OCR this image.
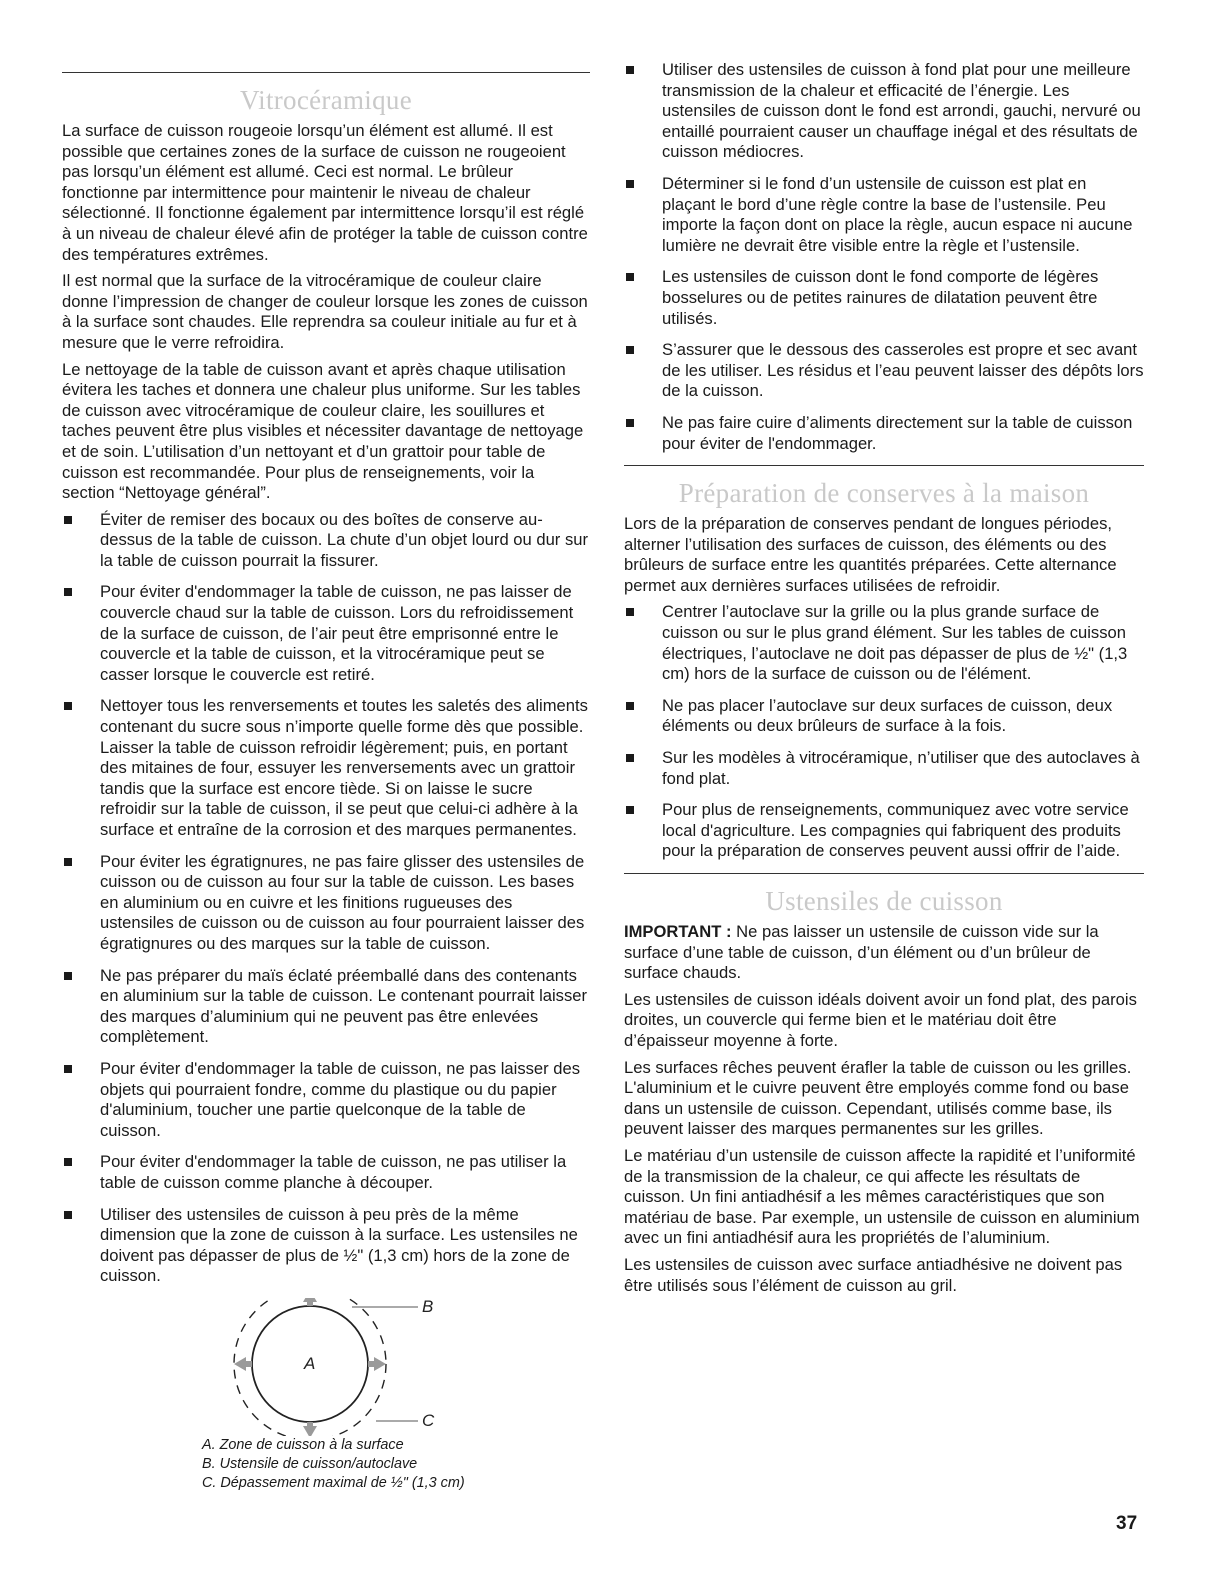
Vitrocéramique

La surface de cuisson rougeoie lorsqu’un élément est allumé. Il est possible que certaines zones de la surface de cuisson ne rougeoient pas lorsqu’un élément est allumé. Ceci est normal. Le brûleur fonctionne par intermittence pour maintenir le niveau de chaleur sélectionné. Il fonctionne également par intermittence lorsqu’il est réglé à un niveau de chaleur élevé afin de protéger la table de cuisson contre des températures extrêmes.

Il est normal que la surface de la vitrocéramique de couleur claire donne l’impression de changer de couleur lorsque les zones de cuisson à la surface sont chaudes. Elle reprendra sa couleur initiale au fur et à mesure que le verre refroidira.

Le nettoyage de la table de cuisson avant et après chaque utilisation évitera les taches et donnera une chaleur plus uniforme. Sur les tables de cuisson avec vitrocéramique de couleur claire, les souillures et taches peuvent être plus visibles et nécessiter davantage de nettoyage et de soin. L’utilisation d’un nettoyant et d’un grattoir pour table de cuisson est recommandée. Pour plus de renseignements, voir la section “Nettoyage général”.

Éviter de remiser des bocaux ou des boîtes de conserve au-dessus de la table de cuisson. La chute d’un objet lourd ou dur sur la table de cuisson pourrait la fissurer.
Pour éviter d'endommager la table de cuisson, ne pas laisser de couvercle chaud sur la table de cuisson. Lors du refroidissement de la surface de cuisson, de l’air peut être emprisonné entre le couvercle et la table de cuisson, et la vitrocéramique peut se casser lorsque le couvercle est retiré.
Nettoyer tous les renversements et toutes les saletés des aliments contenant du sucre sous n’importe quelle forme dès que possible. Laisser la table de cuisson refroidir légèrement; puis, en portant des mitaines de four, essuyer les renversements avec un grattoir tandis que la surface est encore tiède. Si on laisse le sucre refroidir sur la table de cuisson, il se peut que celui-ci adhère à la surface et entraîne de la corrosion et des marques permanentes.
Pour éviter les égratignures, ne pas faire glisser des ustensiles de cuisson ou de cuisson au four sur la table de cuisson. Les bases en aluminium ou en cuivre et les finitions rugueuses des ustensiles de cuisson ou de cuisson au four pourraient laisser des égratignures ou des marques sur la table de cuisson.
Ne pas préparer du maïs éclaté préemballé dans des contenants en aluminium sur la table de cuisson. Le contenant pourrait laisser des marques d’aluminium qui ne peuvent pas être enlevées complètement.
Pour éviter d'endommager la table de cuisson, ne pas laisser des objets qui pourraient fondre, comme du plastique ou du papier d'aluminium, toucher une partie quelconque de la table de cuisson.
Pour éviter d'endommager la table de cuisson, ne pas utiliser la table de cuisson comme planche à découper.
Utiliser des ustensiles de cuisson à peu près de la même dimension que la zone de cuisson à la surface. Les ustensiles ne doivent pas dépasser de plus de ½" (1,3 cm) hors de la zone de cuisson.
A
B
C
A. Zone de cuisson à la surface
B. Ustensile de cuisson/autoclave
C. Dépassement maximal de ½" (1,3 cm)
Utiliser des ustensiles de cuisson à fond plat pour une meilleure transmission de la chaleur et efficacité de l’énergie. Les ustensiles de cuisson dont le fond est arrondi, gauchi, nervuré ou entaillé pourraient causer un chauffage inégal et des résultats de cuisson médiocres.
Déterminer si le fond d’un ustensile de cuisson est plat en plaçant le bord d’une règle contre la base de l’ustensile. Peu importe la façon dont on place la règle, aucun espace ni aucune lumière ne devrait être visible entre la règle et l’ustensile.
Les ustensiles de cuisson dont le fond comporte de légères bosselures ou de petites rainures de dilatation peuvent être utilisés.
S’assurer que le dessous des casseroles est propre et sec avant de les utiliser. Les résidus et l’eau peuvent laisser des dépôts lors de la cuisson.
Ne pas faire cuire d’aliments directement sur la table de cuisson pour éviter de l'endommager.
Préparation de conserves à la maison

Lors de la préparation de conserves pendant de longues périodes, alterner l’utilisation des surfaces de cuisson, des éléments ou des brûleurs de surface entre les quantités préparées. Cette alternance permet aux dernières surfaces utilisées de refroidir.

Centrer l’autoclave sur la grille ou la plus grande surface de cuisson ou sur le plus grand élément. Sur les tables de cuisson électriques, l’autoclave ne doit pas dépasser de plus de ½" (1,3 cm) hors de la surface de cuisson ou de l'élément.
Ne pas placer l’autoclave sur deux surfaces de cuisson, deux éléments ou deux brûleurs de surface à la fois.
Sur les modèles à vitrocéramique, n’utiliser que des autoclaves à fond plat.
Pour plus de renseignements, communiquez avec votre service local d'agriculture. Les compagnies qui fabriquent des produits pour la préparation de conserves peuvent aussi offrir de l’aide.
Ustensiles de cuisson

IMPORTANT : Ne pas laisser un ustensile de cuisson vide sur la surface d’une table de cuisson, d’un élément ou d’un brûleur de surface chauds.

Les ustensiles de cuisson idéals doivent avoir un fond plat, des parois droites, un couvercle qui ferme bien et le matériau doit être d’épaisseur moyenne à forte.

Les surfaces rêches peuvent érafler la table de cuisson ou les grilles. L'aluminium et le cuivre peuvent être employés comme fond ou base dans un ustensile de cuisson. Cependant, utilisés comme base, ils peuvent laisser des marques permanentes sur les grilles.

Le matériau d’un ustensile de cuisson affecte la rapidité et l’uniformité de la transmission de la chaleur, ce qui affecte les résultats de cuisson. Un fini antiadhésif a les mêmes caractéristiques que son matériau de base. Par exemple, un ustensile de cuisson en aluminium avec un fini antiadhésif aura les propriétés de l’aluminium.

Les ustensiles de cuisson avec surface antiadhésive ne doivent pas être utilisés sous l’élément de cuisson au gril.

37
